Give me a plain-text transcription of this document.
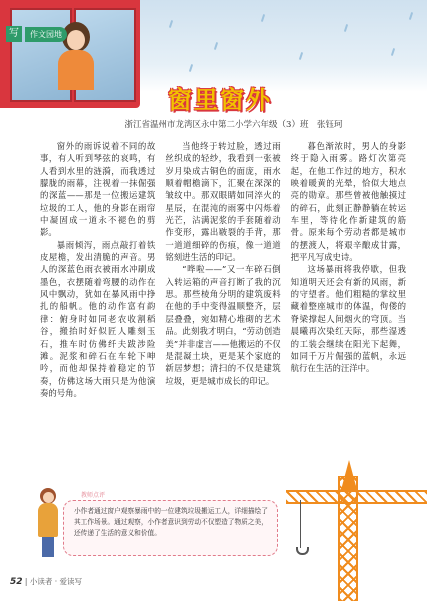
写	作文园地
窗里窗外
浙江省温州市龙湾区永中第二小学六年级（3）班　张钰珂

窗外的雨诉说着不同的故事，有人听到琴弦的哀鸣，有人看到水里的涟漪，而我透过朦胧的雨幕，注视着一抹倔强的深蓝——那是一位搬运建筑垃圾的工人，他的身影在雨帘中凝固成一道永不褪色的剪影。

暴雨倾泻，雨点敲打着铁皮屋檐，发出清脆的声音。男人的深蓝色雨衣被雨水冲刷成墨色，衣摆随着弯腰的动作在风中飘动，犹如在暴风雨中挣扎的船帆。他的动作富有韵律：俯身时如同老农收割稻谷，搬抬时好似匠人雕刻玉石，推车时仿佛纤夫跋涉险滩。泥浆和碎石在车轮下呻吟，而他却保持着稳定的节奏，仿佛这场大雨只是为他演奏的号角。

当他终于转过脸，透过雨丝织成的轻纱，我看到一张被岁月染成古铜色的面庞，雨水顺着帽檐滴下，汇聚在深深的皱纹中。那双眼睛如同淬火的星辰，在混沌的雨雾中闪烁着光芒，沾满泥浆的手套随着动作变形，露出皲裂的手背，那一道道细碎的伤痕，像一道道铭刻进生活的印记。

“哗啦——”又一车碎石倒入转运箱的声音打断了我的沉思。那些棱角分明的建筑废料在他的手中变得温顺整齐，层层叠叠，宛如精心堆砌的艺术品。此刻我才明白，“劳动创造美”并非虚言——他搬运的不仅是混凝土块，更是某个家庭的新居梦想；清扫的不仅是建筑垃圾，更是城市成长的印记。

暮色渐浓时，男人的身影终于隐入雨雾。路灯次第亮起，在他工作过的地方，积水映着暖黄的光晕，恰似大地点亮的勋章。那些曾被他触摸过的碎石，此刻正静静躺在转运车里，等待化作新建筑的筋骨。原来每个劳动者都是城市的摆渡人，将艰辛酿成甘露，把平凡写成史诗。

这场暴雨将我停歇，但我知道明天还会有新的风雨，新的守望者。他们粗糙的掌纹里藏着整座城市的体温，佝偻的脊梁撑起人间烟火的穹顶。当晨曦再次染红天际，那些湿透的工装会继续在阳光下起舞，如同千万片倔强的蓝帆，永远航行在生活的汪洋中。

教师点评
小作者通过窗户观察暴雨中的一位建筑垃圾搬运工人，详细描绘了其工作场景。通过观察，小作者意识到劳动不仅塑造了物质之美，还传递了生活的意义和价值。
52 | 小读者 · 爱读写
